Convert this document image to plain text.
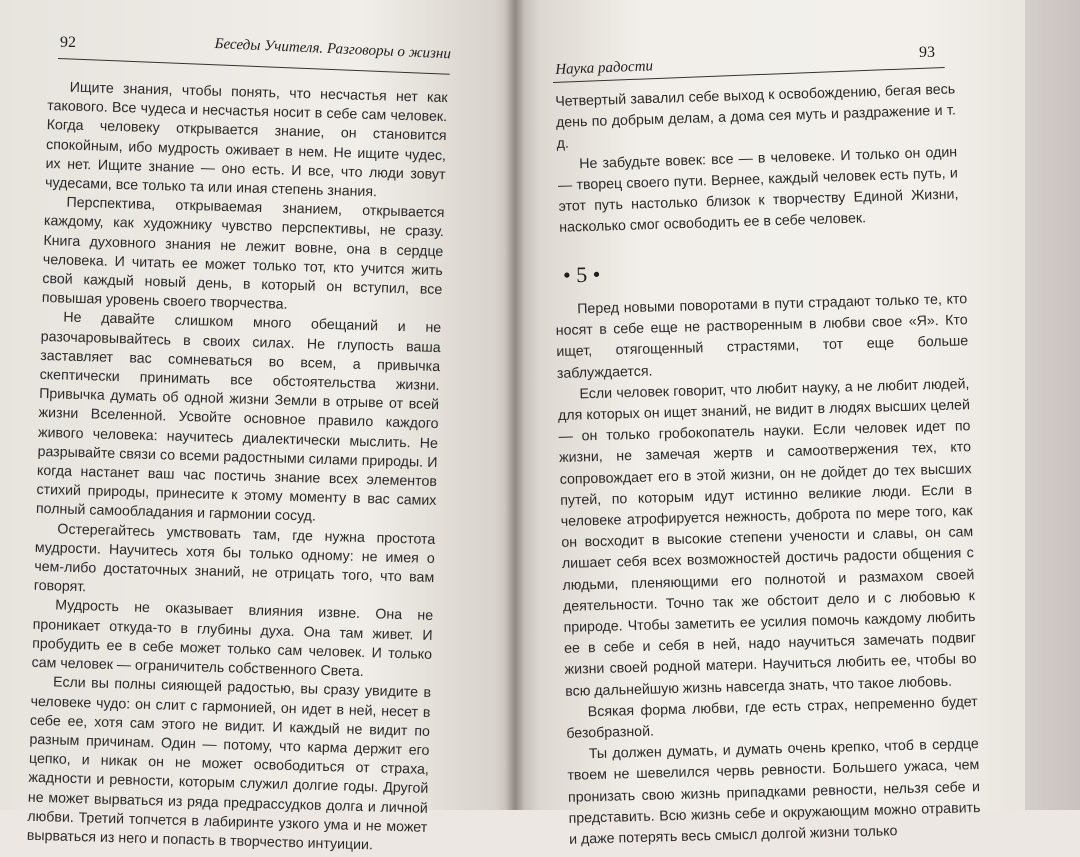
92	Беседы Учителя. Разговоры о жизни

Ищите знания, чтобы понять, что несчастья нет как такового. Все чудеса и несчастья носит в себе сам человек. Когда человеку открывается знание, он становится спокойным, ибо мудрость оживает в нем. Не ищите чудес, их нет. Ищите знание — оно есть. И все, что люди зовут чудесами, все только та или иная степень знания.

Перспектива, открываемая знанием, открывается каждому, как художнику чувство перспективы, не сразу. Книга духовного знания не лежит вовне, она в сердце человека. И читать ее может только тот, кто учится жить свой каждый новый день, в который он вступил, все повышая уровень своего творчества.

Не давайте слишком много обещаний и не разочаровывайтесь в своих силах. Не глупость ваша заставляет вас сомневаться во всем, а привычка скептически принимать все обстоятельства жизни. Привычка думать об одной жизни Земли в отрыве от всей жизни Вселенной. Усвойте основное правило каждого живого человека: научитесь диалектически мыслить. Не разрывайте связи со всеми радостными силами природы. И когда настанет ваш час постичь знание всех элементов стихий природы, принесите к этому моменту в вас самих полный самообладания и гармонии сосуд.

Остерегайтесь умствовать там, где нужна простота мудрости. Научитесь хотя бы только одному: не имея о чем-либо достаточных знаний, не отрицать того, что вам говорят.

Мудрость не оказывает влияния извне. Она не проникает откуда-то в глубины духа. Она там живет. И пробудить ее в себе может только сам человек. И только сам человек — ограничитель собственного Света.

Если вы полны сияющей радостью, вы сразу увидите в человеке чудо: он слит с гармонией, он идет в ней, несет в себе ее, хотя сам этого не видит. И каждый не видит по разным причинам. Один — потому, что карма держит его цепко, и никак он не может освободиться от страха, жадности и ревности, которым служил долгие годы. Другой не может вырваться из ряда предрассудков долга и личной любви. Третий топчется в лабиринте узкого ума и не может вырваться из него и попасть в творчество интуиции.

Наука радости
93

Четвертый завалил себе выход к освобождению, бегая весь день по добрым делам, а дома сея муть и раздражение и т. д.

Не забудьте вовек: все — в человеке. И только он один — творец своего пути. Вернее, каждый человек есть путь, и этот путь настолько близок к творчеству Единой Жизни, насколько смог освободить ее в себе человек.

• 5 •

Перед новыми поворотами в пути страдают только те, кто носят в себе еще не растворенным в любви свое «Я». Кто ищет, отягощенный страстями, тот еще больше заблуждается.

Если человек говорит, что любит науку, а не любит людей, для которых он ищет знаний, не видит в людях высших целей — он только гробокопатель науки. Если человек идет по жизни, не замечая жертв и самоотвержения тех, кто сопровождает его в этой жизни, он не дойдет до тех высших путей, по которым идут истинно великие люди. Если в человеке атрофируется нежность, доброта по мере того, как он восходит в высокие степени учености и славы, он сам лишает себя всех возможностей достичь радости общения с людьми, пленяющими его полнотой и размахом своей деятельности. Точно так же обстоит дело и с любовью к природе. Чтобы заметить ее усилия помочь каждому любить ее в себе и себя в ней, надо научиться замечать подвиг жизни своей родной матери. Научиться любить ее, чтобы во всю дальнейшую жизнь навсегда знать, что такое любовь.

Всякая форма любви, где есть страх, непременно будет безобразной.

Ты должен думать, и думать очень крепко, чтоб в сердце твоем не шевелился червь ревности. Большего ужаса, чем пронизать свою жизнь припадками ревности, нельзя себе и представить. Всю жизнь себе и окружающим можно отравить и даже потерять весь смысл долгой жизни только
